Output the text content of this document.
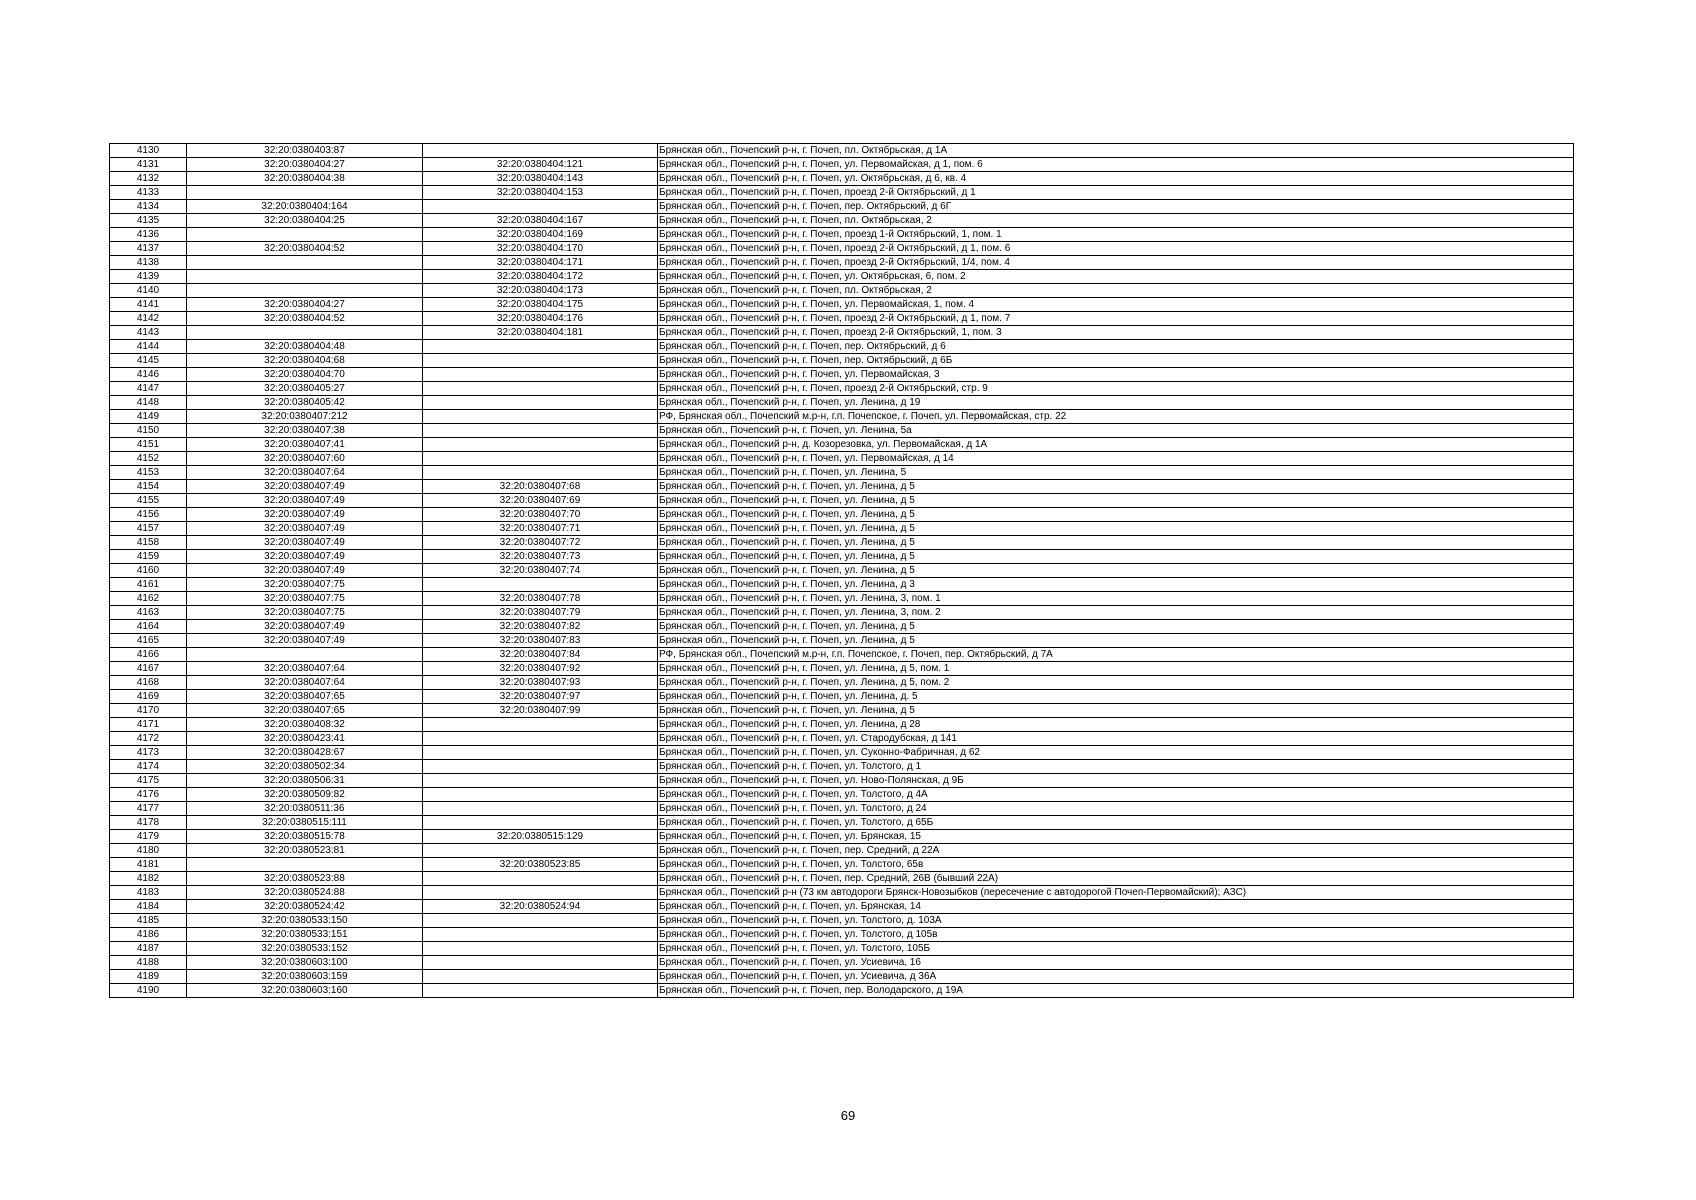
4130	32:20:0380403:87		Брянская обл., Почепский р-н, г. Почеп, пл. Октябрьская, д 1А
4131	32:20:0380404:27	32:20:0380404:121	Брянская обл., Почепский р-н, г. Почеп, ул. Первомайская, д 1, пом. 6
4132	32:20:0380404:38	32:20:0380404:143	Брянская обл., Почепский р-н, г. Почеп, ул. Октябрьская, д 6, кв. 4
4133		32:20:0380404:153	Брянская обл., Почепский р-н, г. Почеп, проезд 2-й Октябрьский, д 1
4134	32:20:0380404:164		Брянская обл., Почепский р-н, г. Почеп, пер. Октябрьский, д 6Г
4135	32:20:0380404:25	32:20:0380404:167	Брянская обл., Почепский р-н, г. Почеп, пл. Октябрьская, 2
4136		32:20:0380404:169	Брянская обл., Почепский р-н, г. Почеп, проезд 1-й Октябрьский, 1, пом. 1
4137	32:20:0380404:52	32:20:0380404:170	Брянская обл., Почепский р-н, г. Почеп, проезд 2-й Октябрьский, д 1, пом. 6
4138		32:20:0380404:171	Брянская обл., Почепский р-н, г. Почеп, проезд 2-й Октябрьский, 1/4, пом. 4
4139		32:20:0380404:172	Брянская обл., Почепский р-н, г. Почеп, ул. Октябрьская, 6, пом. 2
4140		32:20:0380404:173	Брянская обл., Почепский р-н, г. Почеп, пл. Октябрьская, 2
4141	32:20:0380404:27	32:20:0380404:175	Брянская обл., Почепский р-н, г. Почеп, ул. Первомайская, 1, пом. 4
4142	32:20:0380404:52	32:20:0380404:176	Брянская обл., Почепский р-н, г. Почеп, проезд 2-й Октябрьский, д 1, пом. 7
4143		32:20:0380404:181	Брянская обл., Почепский р-н, г. Почеп, проезд 2-й Октябрьский, 1, пом. 3
4144	32:20:0380404:48		Брянская обл., Почепский р-н, г. Почеп, пер. Октябрьский, д 6
4145	32:20:0380404:68		Брянская обл., Почепский р-н, г. Почеп, пер. Октябрьский, д 6Б
4146	32:20:0380404:70		Брянская обл., Почепский р-н, г. Почеп, ул. Первомайская, 3
4147	32:20:0380405:27		Брянская обл., Почепский р-н, г. Почеп, проезд 2-й Октябрьский, стр. 9
4148	32:20:0380405:42		Брянская обл., Почепский р-н, г. Почеп, ул. Ленина, д 19
4149	32:20:0380407:212		РФ, Брянская обл., Почепский м.р-н, г.п. Почепское, г. Почеп, ул. Первомайская, стр. 22
4150	32:20:0380407:38		Брянская обл., Почепский р-н, г. Почеп, ул. Ленина, 5а
4151	32:20:0380407:41		Брянская обл., Почепский р-н, д. Козорезовка, ул. Первомайская, д 1А
4152	32:20:0380407:60		Брянская обл., Почепский р-н, г. Почеп, ул. Первомайская, д 14
4153	32:20:0380407:64		Брянская обл., Почепский р-н, г. Почеп, ул. Ленина, 5
4154	32:20:0380407:49	32:20:0380407:68	Брянская обл., Почепский р-н, г. Почеп, ул. Ленина, д 5
4155	32:20:0380407:49	32:20:0380407:69	Брянская обл., Почепский р-н, г. Почеп, ул. Ленина, д 5
4156	32:20:0380407:49	32:20:0380407:70	Брянская обл., Почепский р-н, г. Почеп, ул. Ленина, д 5
4157	32:20:0380407:49	32:20:0380407:71	Брянская обл., Почепский р-н, г. Почеп, ул. Ленина, д 5
4158	32:20:0380407:49	32:20:0380407:72	Брянская обл., Почепский р-н, г. Почеп, ул. Ленина, д 5
4159	32:20:0380407:49	32:20:0380407:73	Брянская обл., Почепский р-н, г. Почеп, ул. Ленина, д 5
4160	32:20:0380407:49	32:20:0380407:74	Брянская обл., Почепский р-н, г. Почеп, ул. Ленина, д 5
4161	32:20:0380407:75		Брянская обл., Почепский р-н, г. Почеп, ул. Ленина, д 3
4162	32:20:0380407:75	32:20:0380407:78	Брянская обл., Почепский р-н, г. Почеп, ул. Ленина, 3, пом. 1
4163	32:20:0380407:75	32:20:0380407:79	Брянская обл., Почепский р-н, г. Почеп, ул. Ленина, 3, пом. 2
4164	32:20:0380407:49	32:20:0380407:82	Брянская обл., Почепский р-н, г. Почеп, ул. Ленина, д 5
4165	32:20:0380407:49	32:20:0380407:83	Брянская обл., Почепский р-н, г. Почеп, ул. Ленина, д 5
4166		32:20:0380407:84	РФ, Брянская обл., Почепский м.р-н, г.п. Почепское, г. Почеп, пер. Октябрьский, д 7А
4167	32:20:0380407:64	32:20:0380407:92	Брянская обл., Почепский р-н, г. Почеп, ул. Ленина, д 5, пом. 1
4168	32:20:0380407:64	32:20:0380407:93	Брянская обл., Почепский р-н, г. Почеп, ул. Ленина, д 5, пом. 2
4169	32:20:0380407:65	32:20:0380407:97	Брянская обл., Почепский р-н, г. Почеп, ул. Ленина, д. 5
4170	32:20:0380407:65	32:20:0380407:99	Брянская обл., Почепский р-н, г. Почеп, ул. Ленина, д 5
4171	32:20:0380408:32		Брянская обл., Почепский р-н, г. Почеп, ул. Ленина, д 28
4172	32:20:0380423:41		Брянская обл., Почепский р-н, г. Почеп, ул. Стародубская, д 141
4173	32:20:0380428:67		Брянская обл., Почепский р-н, г. Почеп, ул. Суконно-Фабричная, д 62
4174	32:20:0380502:34		Брянская обл., Почепский р-н, г. Почеп, ул. Толстого, д 1
4175	32:20:0380506:31		Брянская обл., Почепский р-н, г. Почеп, ул. Ново-Полянская, д 9Б
4176	32:20:0380509:82		Брянская обл., Почепский р-н, г. Почеп, ул. Толстого, д 4А
4177	32:20:0380511:36		Брянская обл., Почепский р-н, г. Почеп, ул. Толстого, д 24
4178	32:20:0380515:111		Брянская обл., Почепский р-н, г. Почеп, ул. Толстого, д 65Б
4179	32:20:0380515:78	32:20:0380515:129	Брянская обл., Почепский р-н, г. Почеп, ул. Брянская, 15
4180	32:20:0380523:81		Брянская обл., Почепский р-н, г. Почеп, пер. Средний, д 22А
4181		32:20:0380523:85	Брянская обл., Почепский р-н, г. Почеп, ул. Толстого, 65в
4182	32:20:0380523:88		Брянская обл., Почепский р-н, г. Почеп, пер. Средний, 26В (бывший 22А)
4183	32:20:0380524:88		Брянская обл., Почепский р-н (73 км автодороги Брянск-Новозыбков (пересечение с автодорогой Почеп-Первомайский); АЗС)
4184	32:20:0380524:42	32:20:0380524:94	Брянская обл., Почепский р-н, г. Почеп, ул. Брянская, 14
4185	32:20:0380533:150		Брянская обл., Почепский р-н, г. Почеп, ул. Толстого, д. 103А
4186	32:20:0380533:151		Брянская обл., Почепский р-н, г. Почеп, ул. Толстого, д 105в
4187	32:20:0380533:152		Брянская обл., Почепский р-н, г. Почеп, ул. Толстого, 105Б
4188	32:20:0380603:100		Брянская обл., Почепский р-н, г. Почеп, ул. Усиевича, 16
4189	32:20:0380603:159		Брянская обл., Почепский р-н, г. Почеп, ул. Усиевича, д 36А
4190	32:20:0380603:160		Брянская обл., Почепский р-н, г. Почеп, пер. Володарского, д 19А
69
